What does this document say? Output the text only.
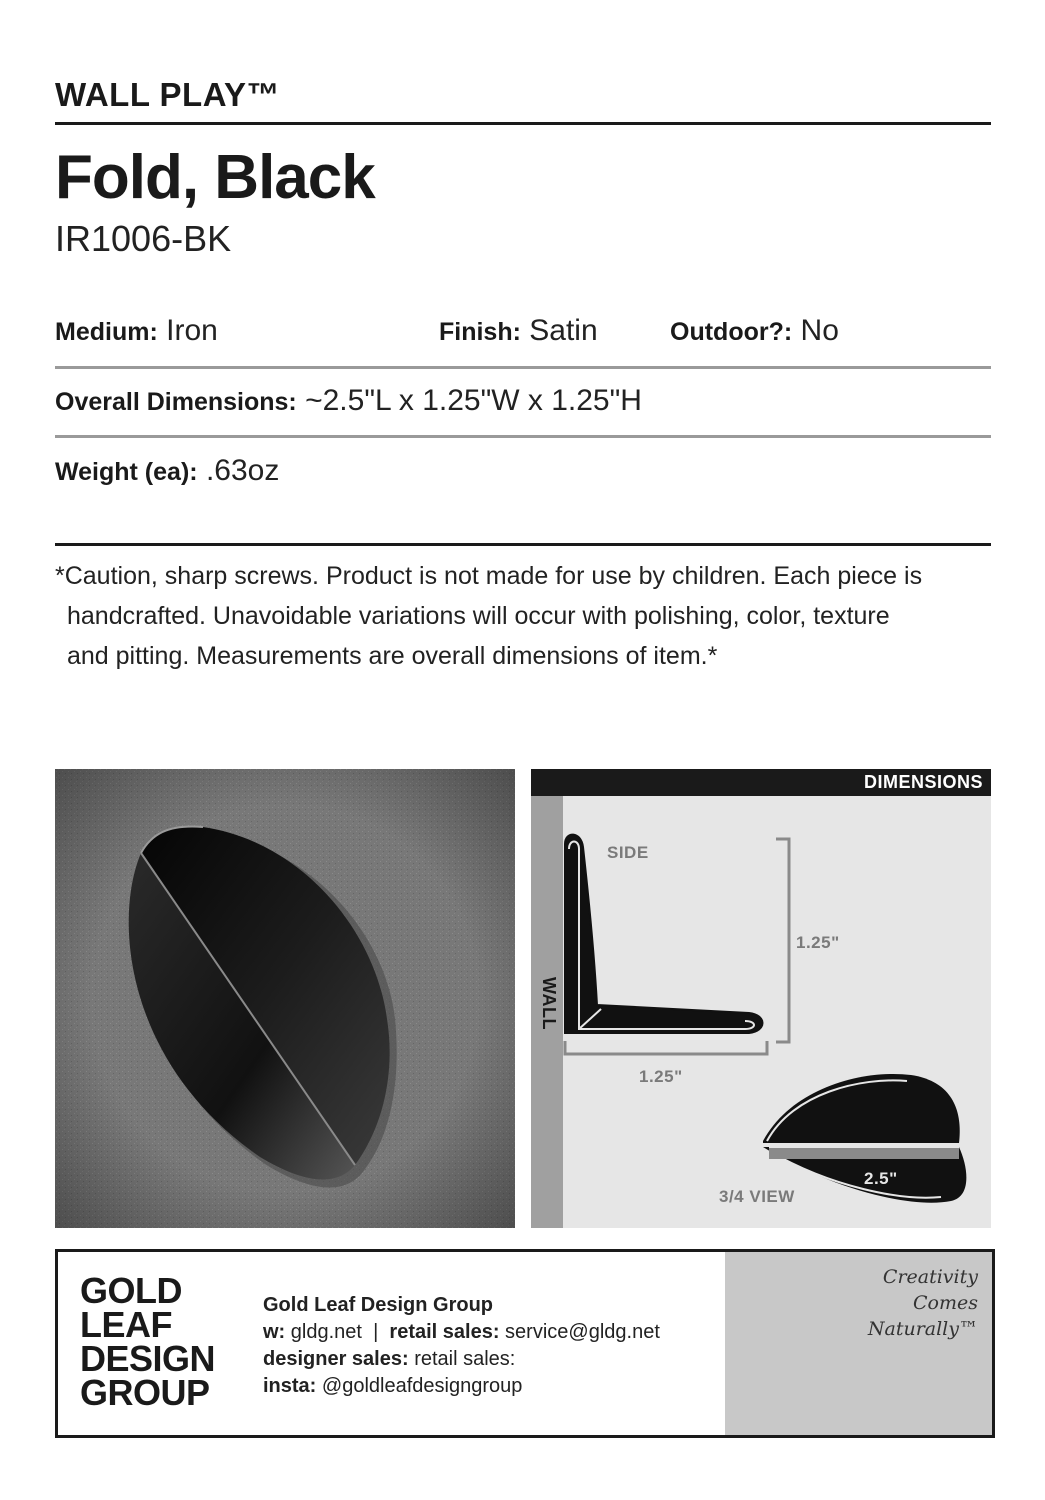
WALL PLAY™
Fold, Black
IR1006-BK
Medium: Iron	Finish: Satin	Outdoor?: No
Overall Dimensions: ~2.5"L x 1.25"W x 1.25"H
Weight (ea): .63oz
*Caution, sharp screws. Product is not made for use by children. Each piece is
handcrafted. Unavoidable variations will occur with polishing, color, texture
and pitting. Measurements are overall dimensions of item.*
DIMENSIONS
SIDE
WALL
1.25"
1.25"
2.5"
3/4 VIEW
GOLD
LEAF
DESIGN
GROUP
Gold Leaf Design Group
w: gldg.net | retail sales: service@gldg.net
designer sales: retail sales:
insta: @goldleafdesigngroup
Creativity
Comes
Naturally™
